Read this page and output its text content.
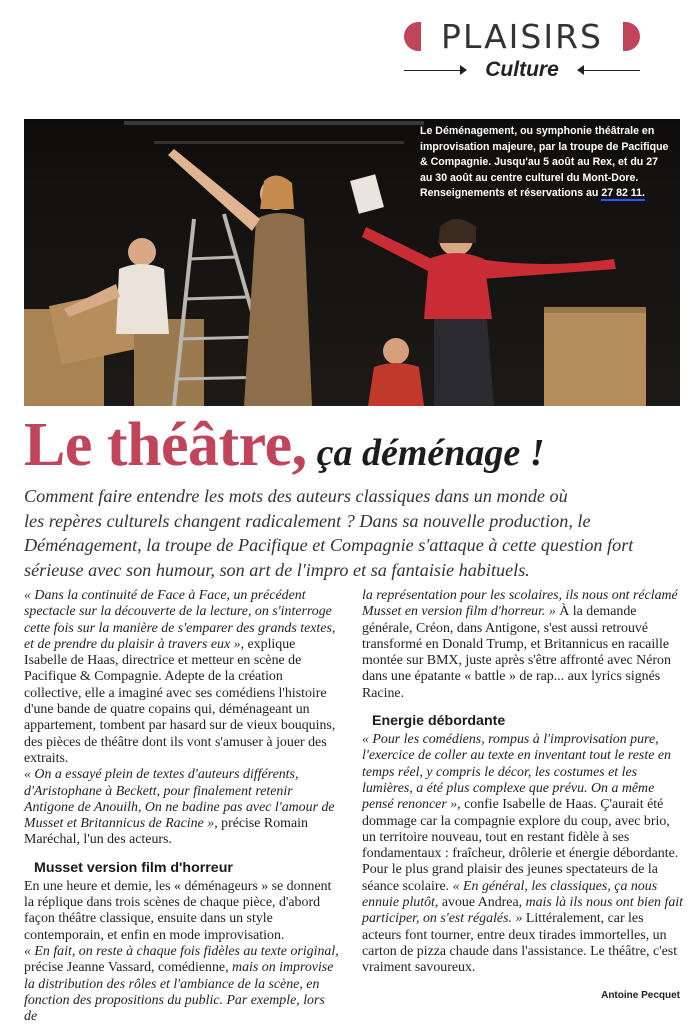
PLAISIRS
Culture
Le Déménagement, ou symphonie théâtrale en
improvisation majeure, par la troupe de Pacifique
& Compagnie. Jusqu'au 5 août au Rex, et du 27
au 30 août au centre culturel du Mont-Dore.
Renseignements et réservations au 27 82 11.
Le théâtre, ça déménage !
Comment faire entendre les mots des auteurs classiques dans un monde où
les repères culturels changent radicalement ? Dans sa nouvelle production, le
Déménagement, la troupe de Pacifique et Compagnie s'attaque à cette question fort
sérieuse avec son humour, son art de l'impro et sa fantaisie habituels.

« Dans la continuité de Face à Face, un précédent spectacle sur la découverte de la lecture, on s'interroge cette fois sur la manière de s'emparer des grands textes, et de prendre du plaisir à travers eux », explique Isabelle de Haas, directrice et metteur en scène de Pacifique & Compagnie. Adepte de la création collective, elle a imaginé avec ses comédiens l'histoire d'une bande de quatre copains qui, déménageant un appartement, tombent par hasard sur de vieux bouquins, des pièces de théâtre dont ils vont s'amuser à jouer des extraits.

« On a essayé plein de textes d'auteurs différents, d'Aristophane à Beckett, pour finalement retenir Antigone de Anouilh, On ne badine pas avec l'amour de Musset et Britannicus de Racine », précise Romain Maréchal, l'un des acteurs.

Musset version film d'horreur

En une heure et demie, les « déménageurs » se donnent la réplique dans trois scènes de chaque pièce, d'abord façon théâtre classique, ensuite dans un style contemporain, et enfin en mode improvisation.

« En fait, on reste à chaque fois fidèles au texte original, précise Jeanne Vassard, comédienne, mais on improvise la distribution des rôles et l'ambiance de la scène, en fonction des propositions du public. Par exemple, lors de

la représentation pour les scolaires, ils nous ont réclamé Musset en version film d'horreur. » À la demande générale, Créon, dans Antigone, s'est aussi retrouvé transformé en Donald Trump, et Britannicus en racaille montée sur BMX, juste après s'être affronté avec Néron dans une épatante « battle » de rap... aux lyrics signés Racine.

Energie débordante

« Pour les comédiens, rompus à l'improvisation pure, l'exercice de coller au texte en inventant tout le reste en temps réel, y compris le décor, les costumes et les lumières, a été plus complexe que prévu. On a même pensé renoncer », confie Isabelle de Haas. Ç'aurait été dommage car la compagnie explore du coup, avec brio, un territoire nouveau, tout en restant fidèle à ses fondamentaux : fraîcheur, drôlerie et énergie débordante. Pour le plus grand plaisir des jeunes spectateurs de la séance scolaire. « En général, les classiques, ça nous ennuie plutôt, avoue Andrea, mais là ils nous ont bien fait participer, on s'est régalés. » Littéralement, car les acteurs font tourner, entre deux tirades immortelles, un carton de pizza chaude dans l'assistance. Le théâtre, c'est vraiment savoureux.

Antoine Pecquet
